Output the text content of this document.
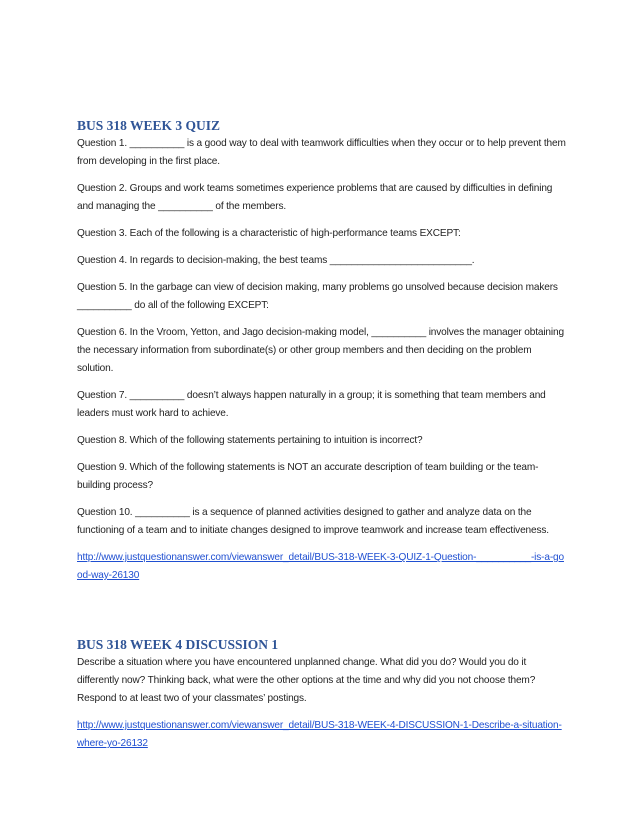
BUS 318 WEEK 3 QUIZ
Question 1. __________ is a good way to deal with teamwork difficulties when they occur or to help prevent them from developing in the first place.
Question 2. Groups and work teams sometimes experience problems that are caused by difficulties in defining and managing the __________ of the members.
Question 3. Each of the following is a characteristic of high-performance teams EXCEPT:
Question 4. In regards to decision-making, the best teams __________________________.
Question 5. In the garbage can view of decision making, many problems go unsolved because decision makers __________ do all of the following EXCEPT:
Question 6. In the Vroom, Yetton, and Jago decision-making model, __________ involves the manager obtaining the necessary information from subordinate(s) or other group members and then deciding on the problem solution.
Question 7. __________ doesn’t always happen naturally in a group; it is something that team members and leaders must work hard to achieve.
Question 8. Which of the following statements pertaining to intuition is incorrect?
Question 9. Which of the following statements is NOT an accurate description of team building or the team-building process?
Question 10. __________ is a sequence of planned activities designed to gather and analyze data on the functioning of a team and to initiate changes designed to improve teamwork and increase team effectiveness.
http://www.justquestionanswer.com/viewanswer_detail/BUS-318-WEEK-3-QUIZ-1-Question-__________-is-a-good-way-26130
BUS 318 WEEK 4 DISCUSSION 1
Describe a situation where you have encountered unplanned change. What did you do? Would you do it differently now? Thinking back, what were the other options at the time and why did you not choose them? Respond to at least two of your classmates’ postings.
http://www.justquestionanswer.com/viewanswer_detail/BUS-318-WEEK-4-DISCUSSION-1-Describe-a-situation-where-yo-26132
